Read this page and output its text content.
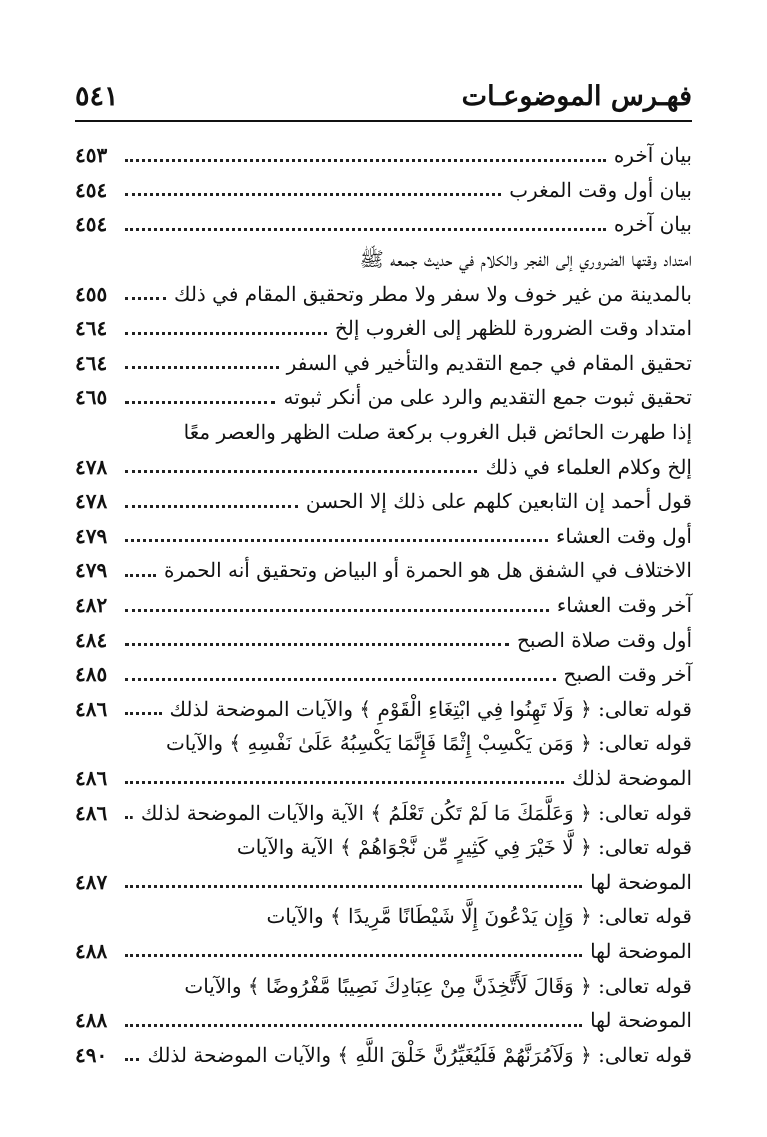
فهـرس الموضوعـات
٥٤١
بيان آخره
٤٥٣
بيان أول وقت المغرب
٤٥٤
بيان آخره
٤٥٤
امتداد وقتها الضروري إلى الفجر والكلام في حديث جمعه ﷺ
بالمدينة من غير خوف ولا سفر ولا مطر وتحقيق المقام في ذلك
٤٥٥
امتداد وقت الضرورة للظهر إلى الغروب إلخ
٤٦٤
تحقيق المقام في جمع التقديم والتأخير في السفر
٤٦٤
تحقيق ثبوت جمع التقديم والرد على من أنكر ثبوته
٤٦٥
إذا طهرت الحائض قبل الغروب بركعة صلت الظهر والعصر معًا
إلخ وكلام العلماء في ذلك
٤٧٨
قول أحمد إن التابعين كلهم على ذلك إلا الحسن
٤٧٨
أول وقت العشاء
٤٧٩
الاختلاف في الشفق هل هو الحمرة أو البياض وتحقيق أنه الحمرة
٤٧٩
آخر وقت العشاء
٤٨٢
أول وقت صلاة الصبح
٤٨٤
آخر وقت الصبح
٤٨٥
قوله تعالى: ﴿ وَلَا تَهِنُوا فِي ابْتِغَاءِ الْقَوْمِ ﴾ والآيات الموضحة لذلك
٤٨٦
قوله تعالى: ﴿ وَمَن يَكْسِبْ إِثْمًا فَإِنَّمَا يَكْسِبُهُ عَلَىٰ نَفْسِهِ ﴾ والآيات
الموضحة لذلك
٤٨٦
قوله تعالى: ﴿ وَعَلَّمَكَ مَا لَمْ تَكُن تَعْلَمُ ﴾ الآية والآيات الموضحة لذلك
٤٨٦
قوله تعالى: ﴿ لَّا خَيْرَ فِي كَثِيرٍ مِّن نَّجْوَاهُمْ ﴾ الآية والآيات
الموضحة لها
٤٨٧
قوله تعالى: ﴿ وَإِن يَدْعُونَ إِلَّا شَيْطَانًا مَّرِيدًا ﴾ والآيات
الموضحة لها
٤٨٨
قوله تعالى: ﴿ وَقَالَ لَأَتَّخِذَنَّ مِنْ عِبَادِكَ نَصِيبًا مَّفْرُوضًا ﴾ والآيات
الموضحة لها
٤٨٨
قوله تعالى: ﴿ وَلَآمُرَنَّهُمْ فَلَيُغَيِّرُنَّ خَلْقَ اللَّهِ ﴾ والآيات الموضحة لذلك
٤٩٠
